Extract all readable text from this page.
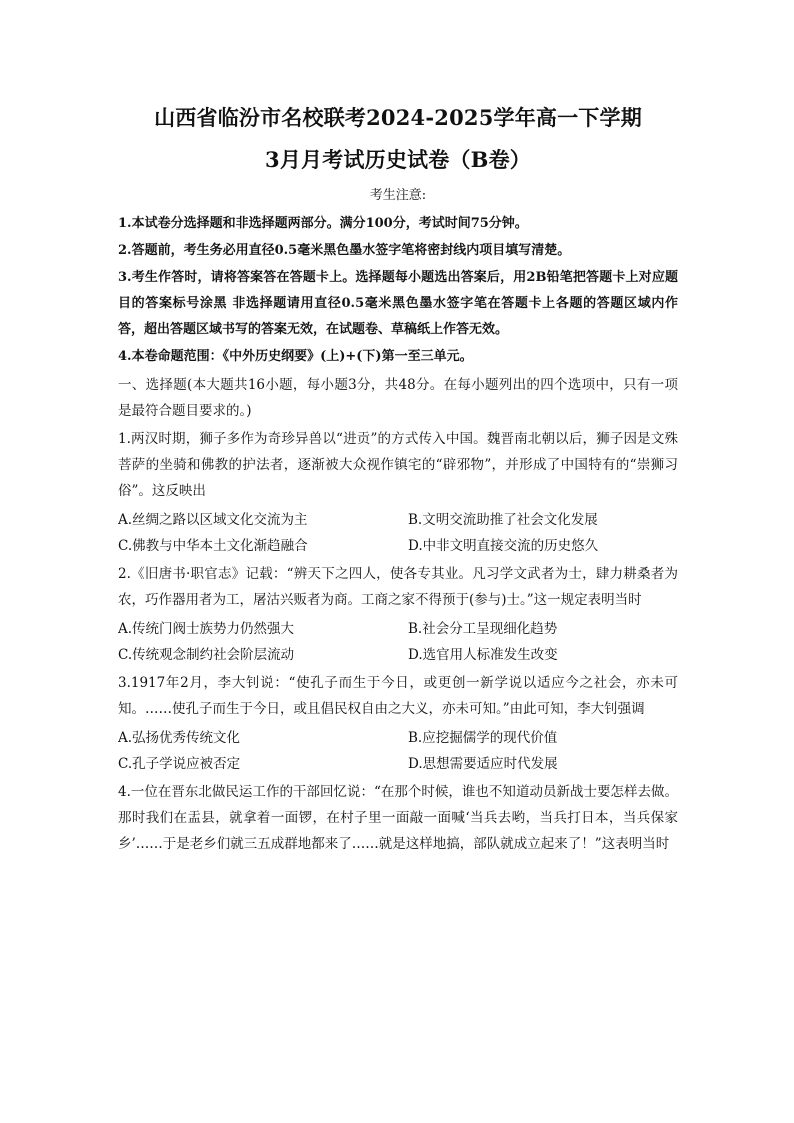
山西省临汾市名校联考2024-2025学年高一下学期
3月月考试历史试卷（B卷）
考生注意:

1.本试卷分选择题和非选择题两部分。满分100分，考试时间75分钟。

2.答题前，考生务必用直径0.5毫米黑色墨水签字笔将密封线内项目填写清楚。

3.考生作答时，请将答案答在答题卡上。选择题每小题选出答案后，用2B铅笔把答题卡上对应题目的答案标号涂黑 非选择题请用直径0.5毫米黑色墨水签字笔在答题卡上各题的答题区域内作答，超出答题区域书写的答案无效，在试题卷、草稿纸上作答无效。

4.本卷命题范围：《中外历史纲要》(上)+(下)第一至三单元。

一、选择题(本大题共16小题，每小题3分，共48分。在每小题列出的四个选项中，只有一项是最符合题目要求的。)

1.两汉时期，狮子多作为奇珍异兽以“进贡”的方式传入中国。魏晋南北朝以后，狮子因是文殊菩萨的坐骑和佛教的护法者，逐渐被大众视作镇宅的“辟邪物”，并形成了中国特有的“崇狮习俗”。这反映出

A.丝绸之路以区域文化交流为主	B.文明交流助推了社会文化发展
C.佛教与中华本土文化渐趋融合	D.中非文明直接交流的历史悠久

2.《旧唐书·职官志》记载：“辨天下之四人，使各专其业。凡习学文武者为士，肆力耕桑者为农，巧作器用者为工，屠沽兴贩者为商。工商之家不得预于(参与)士。”这一规定表明当时

A.传统门阀士族势力仍然强大	B.社会分工呈现细化趋势
C.传统观念制约社会阶层流动	D.选官用人标准发生改变

3.1917年2月，李大钊说：“使孔子而生于今日，或更创一新学说以适应今之社会，亦未可知。……使孔子而生于今日，或且倡民权自由之大义，亦未可知。”由此可知，李大钊强调

A.弘扬优秀传统文化	B.应挖掘儒学的现代价值
C.孔子学说应被否定	D.思想需要适应时代发展

4.一位在晋东北做民运工作的干部回忆说：“在那个时候，谁也不知道动员新战士要怎样去做。那时我们在盂县，就拿着一面锣，在村子里一面敲一面喊‘当兵去哟，当兵打日本，当兵保家乡’……于是老乡们就三五成群地都来了……就是这样地搞，部队就成立起来了！”这表明当时
